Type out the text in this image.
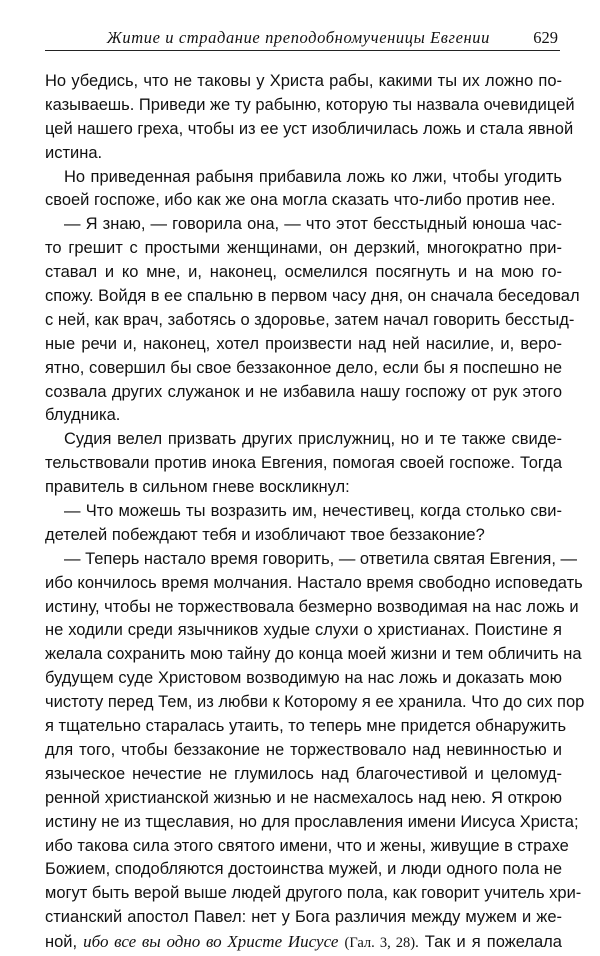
Житие и страдание преподобномученицы Евгении	629
Но убедись, что не таковы у Христа рабы, какими ты их ложно по-
казываешь. Приведи же ту рабыню, которую ты назвала очевидицей
цей нашего греха, чтобы из ее уст изобличилась ложь и стала явной
истина.
Но приведенная рабыня прибавила ложь ко лжи, чтобы угодить
своей госпоже, ибо как же она могла сказать что-либо против нее.
— Я знаю, — говорила она, — что этот бесстыдный юноша час-
то грешит с простыми женщинами, он дерзкий, многократно при-
ставал и ко мне, и, наконец, осмелился посягнуть и на мою го-
спожу. Войдя в ее спальню в первом часу дня, он сначала беседовал
с ней, как врач, заботясь о здоровье, затем начал говорить бесстыд-
ные речи и, наконец, хотел произвести над ней насилие, и, веро-
ятно, совершил бы свое беззаконное дело, если бы я поспешно не
созвала других служанок и не избавила нашу госпожу от рук этого
блудника.
Судия велел призвать других прислужниц, но и те также свиде-
тельствовали против инока Евгения, помогая своей госпоже. Тогда
правитель в сильном гневе воскликнул:
— Что можешь ты возразить им, нечестивец, когда столько сви-
детелей побеждают тебя и изобличают твое беззаконие?
— Теперь настало время говорить, — ответила святая Евгения, —
ибо кончилось время молчания. Настало время свободно исповедать
истину, чтобы не торжествовала безмерно возводимая на нас ложь и
не ходили среди язычников худые слухи о христианах. Поистине я
желала сохранить мою тайну до конца моей жизни и тем обличить на
будущем суде Христовом возводимую на нас ложь и доказать мою
чистоту перед Тем, из любви к Которому я ее хранила. Что до сих пор
я тщательно старалась утаить, то теперь мне придется обнаружить
для того, чтобы беззаконие не торжествовало над невинностью и
языческое нечестие не глумилось над благочестивой и целомуд-
ренной христианской жизнью и не насмехалось над нею. Я открою
истину не из тщеславия, но для прославления имени Иисуса Христа;
ибо такова сила этого святого имени, что и жены, живущие в страхе
Божием, сподобляются достоинства мужей, и люди одного пола не
могут быть верой выше людей другого пола, как говорит учитель хри-
стианский апостол Павел: нет у Бога различия между мужем и же-
ной, ибо все вы одно во Христе Иисусе (Гал. 3, 28). Так и я пожелала
